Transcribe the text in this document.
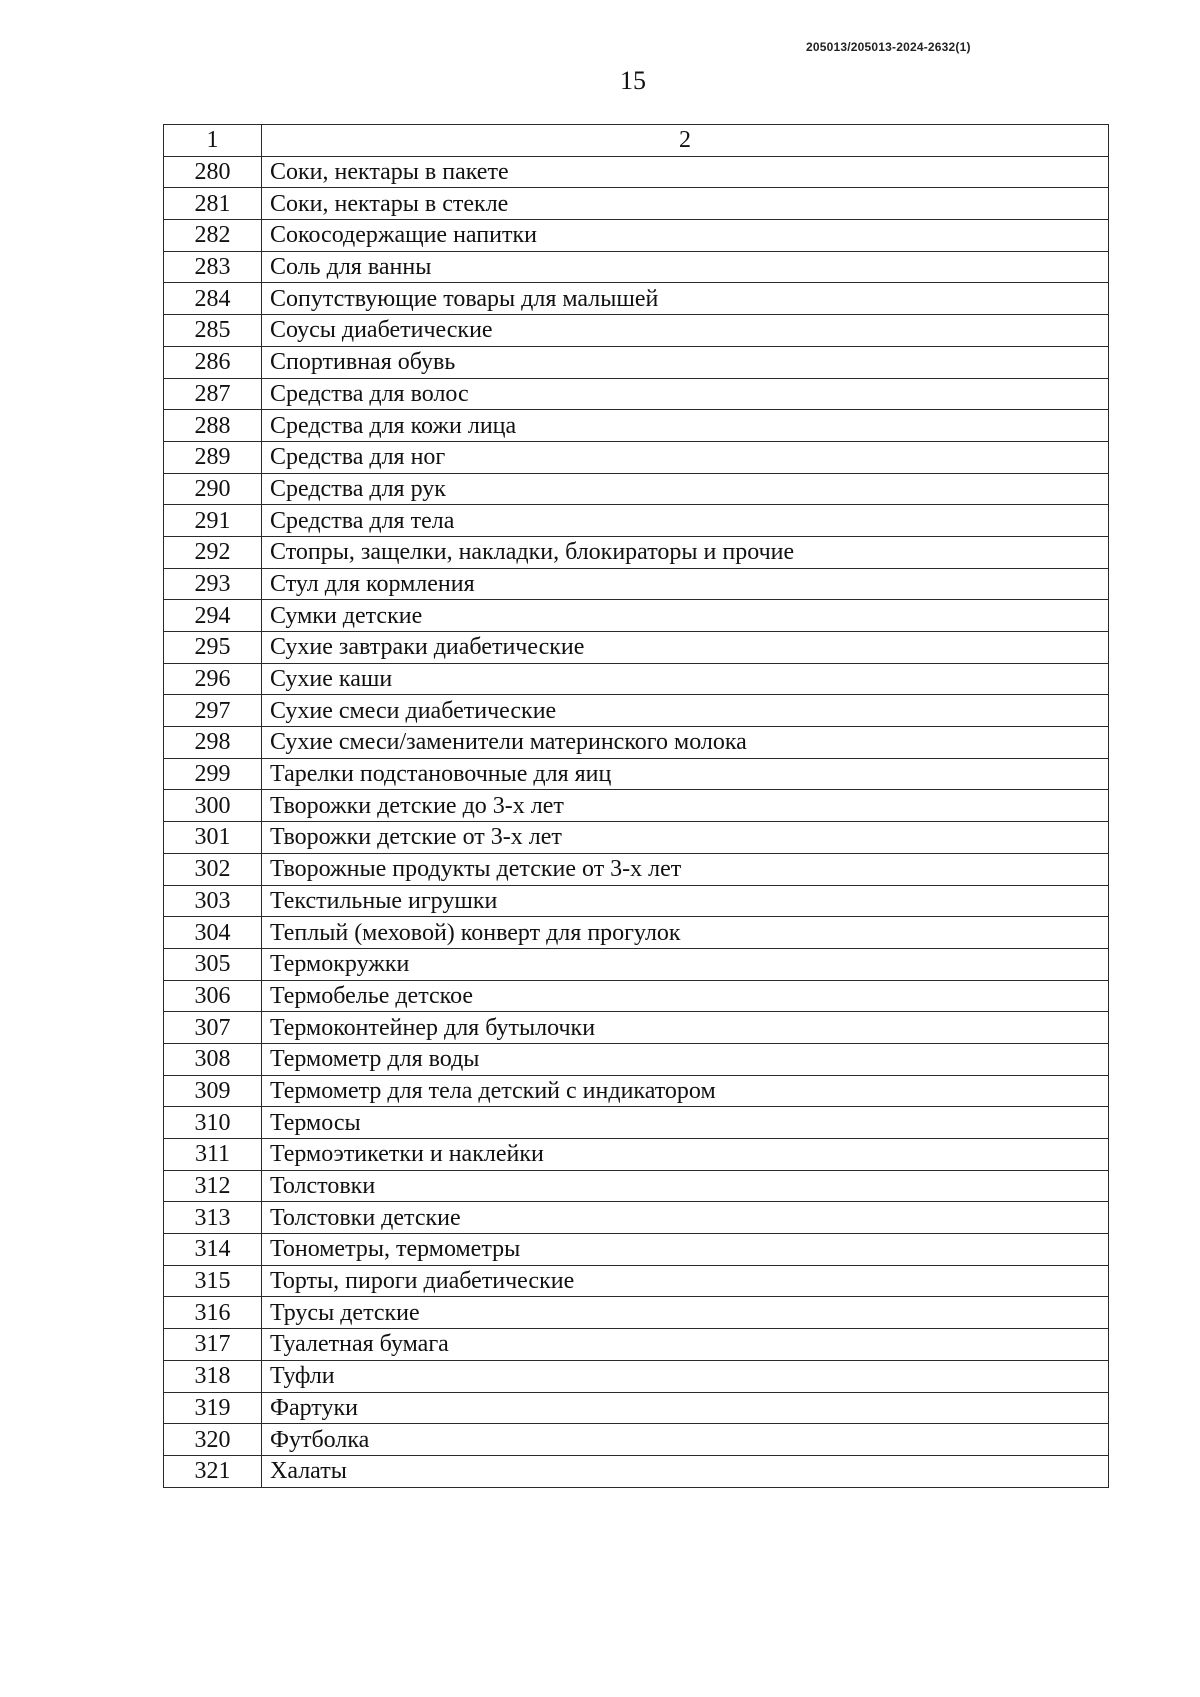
205013/205013-2024-2632(1)
15
1	2
280	Соки, нектары в пакете
281	Соки, нектары в стекле
282	Сокосодержащие напитки
283	Соль для ванны
284	Сопутствующие товары для малышей
285	Соусы диабетические
286	Спортивная обувь
287	Средства для волос
288	Средства для кожи лица
289	Средства для ног
290	Средства для рук
291	Средства для тела
292	Стопры, защелки, накладки, блокираторы и прочие
293	Стул для кормления
294	Сумки детские
295	Сухие завтраки диабетические
296	Сухие каши
297	Сухие смеси диабетические
298	Сухие смеси/заменители материнского молока
299	Тарелки подстановочные для яиц
300	Творожки детские до 3-х лет
301	Творожки детские от 3-х лет
302	Творожные продукты детские от 3-х лет
303	Текстильные игрушки
304	Теплый (меховой) конверт для прогулок
305	Термокружки
306	Термобелье детское
307	Термоконтейнер для бутылочки
308	Термометр для воды
309	Термометр для тела детский с индикатором
310	Термосы
311	Термоэтикетки и наклейки
312	Толстовки
313	Толстовки детские
314	Тонометры, термометры
315	Торты, пироги диабетические
316	Трусы детские
317	Туалетная бумага
318	Туфли
319	Фартуки
320	Футболка
321	Халаты
